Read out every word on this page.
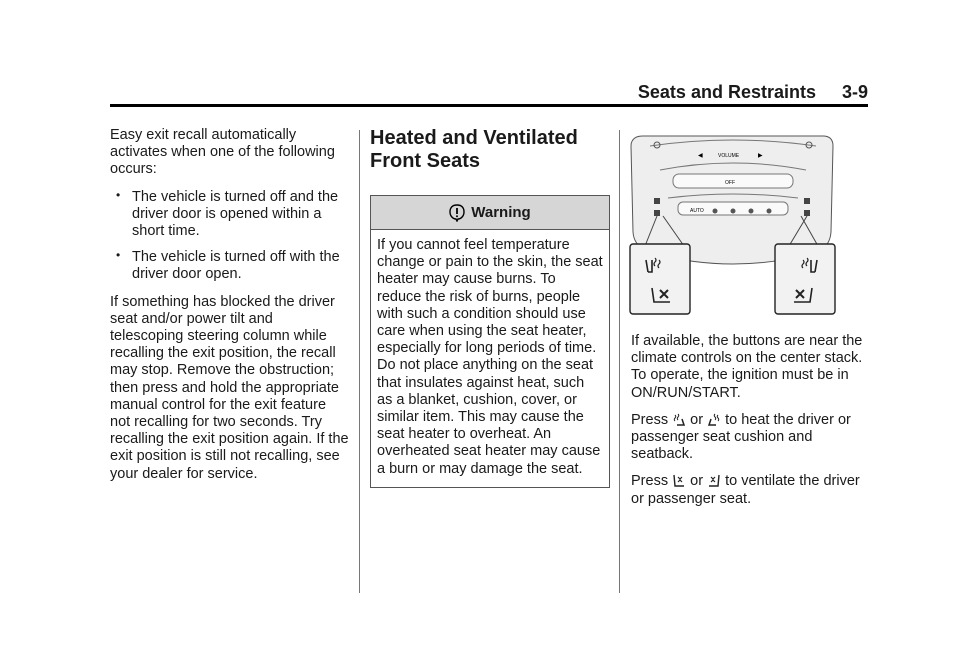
Seats and Restraints 3-9

Easy exit recall automatically activates when one of the following occurs:

• The vehicle is turned off and the driver door is opened within a short time.
• The vehicle is turned off with the driver door open.

If something has blocked the driver seat and/or power tilt and telescoping steering column while recalling the exit position, the recall may stop. Remove the obstruction; then press and hold the appropriate manual control for the exit feature not recalling for two seconds. Try recalling the exit position again. If the exit position is still not recalling, see your dealer for service.

Heated and Ventilated Front Seats
Warning
If you cannot feel temperature change or pain to the skin, the seat heater may cause burns. To reduce the risk of burns, people with such a condition should use care when using the seat heater, especially for long periods of time. Do not place anything on the seat that insulates against heat, such as a blanket, cushion, cover, or similar item. This may cause the seat heater to overheat. An overheated seat heater may cause a burn or may damage the seat.
VOLUME
◀	▶
OFF
AUTO

If available, the buttons are near the climate controls on the center stack. To operate, the ignition must be in ON/RUN/START.

Press or to heat the driver or passenger seat cushion and seatback.

Press or to ventilate the driver or passenger seat.
